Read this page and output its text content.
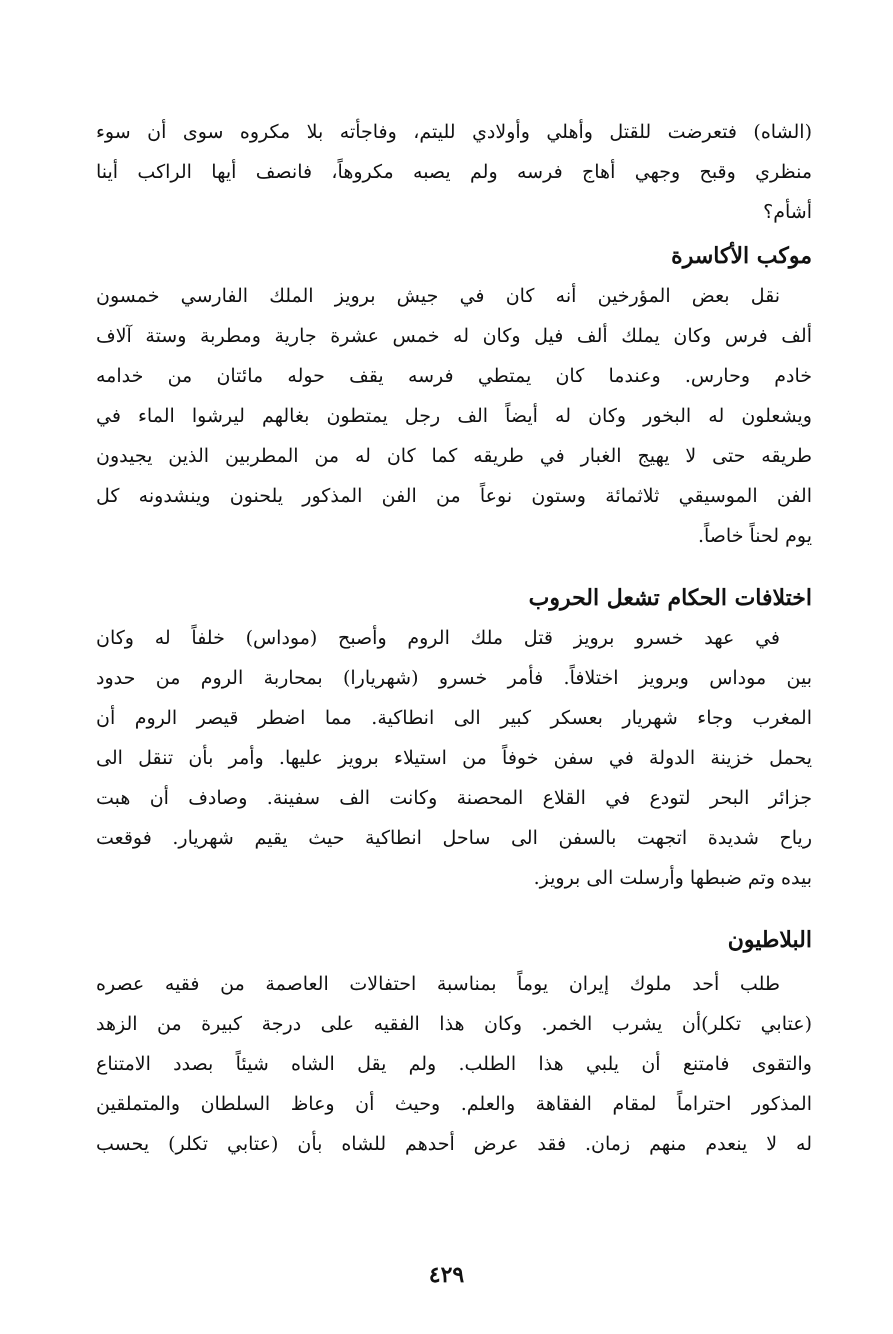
(الشاه) فتعرضت للقتل وأهلي وأولادي لليتم، وفاجأته بلا مكروه سوى أن سوء
منظري وقبح وجهي أهاج فرسه ولم يصبه مكروهاً، فانصف أيها الراكب أينا
أشأم؟

موكب الأكاسرة

نقل بعض المؤرخين أنه كان في جيش برويز الملك الفارسي خمسون
ألف فرس وكان يملك ألف فيل وكان له خمس عشرة جارية ومطربة وستة آلاف
خادم وحارس. وعندما كان يمتطي فرسه يقف حوله مائتان من خدامه
ويشعلون له البخور وكان له أيضاً الف رجل يمتطون بغالهم ليرشوا الماء في
طريقه حتى لا يهيج الغبار في طريقه كما كان له من المطربين الذين يجيدون
الفن الموسيقي ثلاثمائة وستون نوعاً من الفن المذكور يلحنون وينشدونه كل
يوم لحناً خاصاً.

اختلافات الحكام تشعل الحروب

في عهد خسرو برويز قتل ملك الروم وأصبح (موداس) خلفاً له وكان
بين موداس وبرويز اختلافاً. فأمر خسرو (شهريارا) بمحاربة الروم من حدود
المغرب وجاء شهريار بعسكر كبير الى انطاكية. مما اضطر قيصر الروم أن
يحمل خزينة الدولة في سفن خوفاً من استيلاء برويز عليها. وأمر بأن تنقل الى
جزائر البحر لتودع في القلاع المحصنة وكانت الف سفينة. وصادف أن هبت
رياح شديدة اتجهت بالسفن الى ساحل انطاكية حيث يقيم شهريار. فوقعت
بيده وتم ضبطها وأرسلت الى برويز.

البلاطيون

طلب أحد ملوك إيران يوماً بمناسبة احتفالات العاصمة من فقيه عصره
(عتابي تكلر)أن يشرب الخمر. وكان هذا الفقيه على درجة كبيرة من الزهد
والتقوى فامتنع أن يلبي هذا الطلب. ولم يقل الشاه شيئاً بصدد الامتناع
المذكور احتراماً لمقام الفقاهة والعلم. وحيث أن وعاظ السلطان والمتملقين
له لا ينعدم منهم زمان. فقد عرض أحدهم للشاه بأن (عتابي تكلر) يحسب

٤٢٩
